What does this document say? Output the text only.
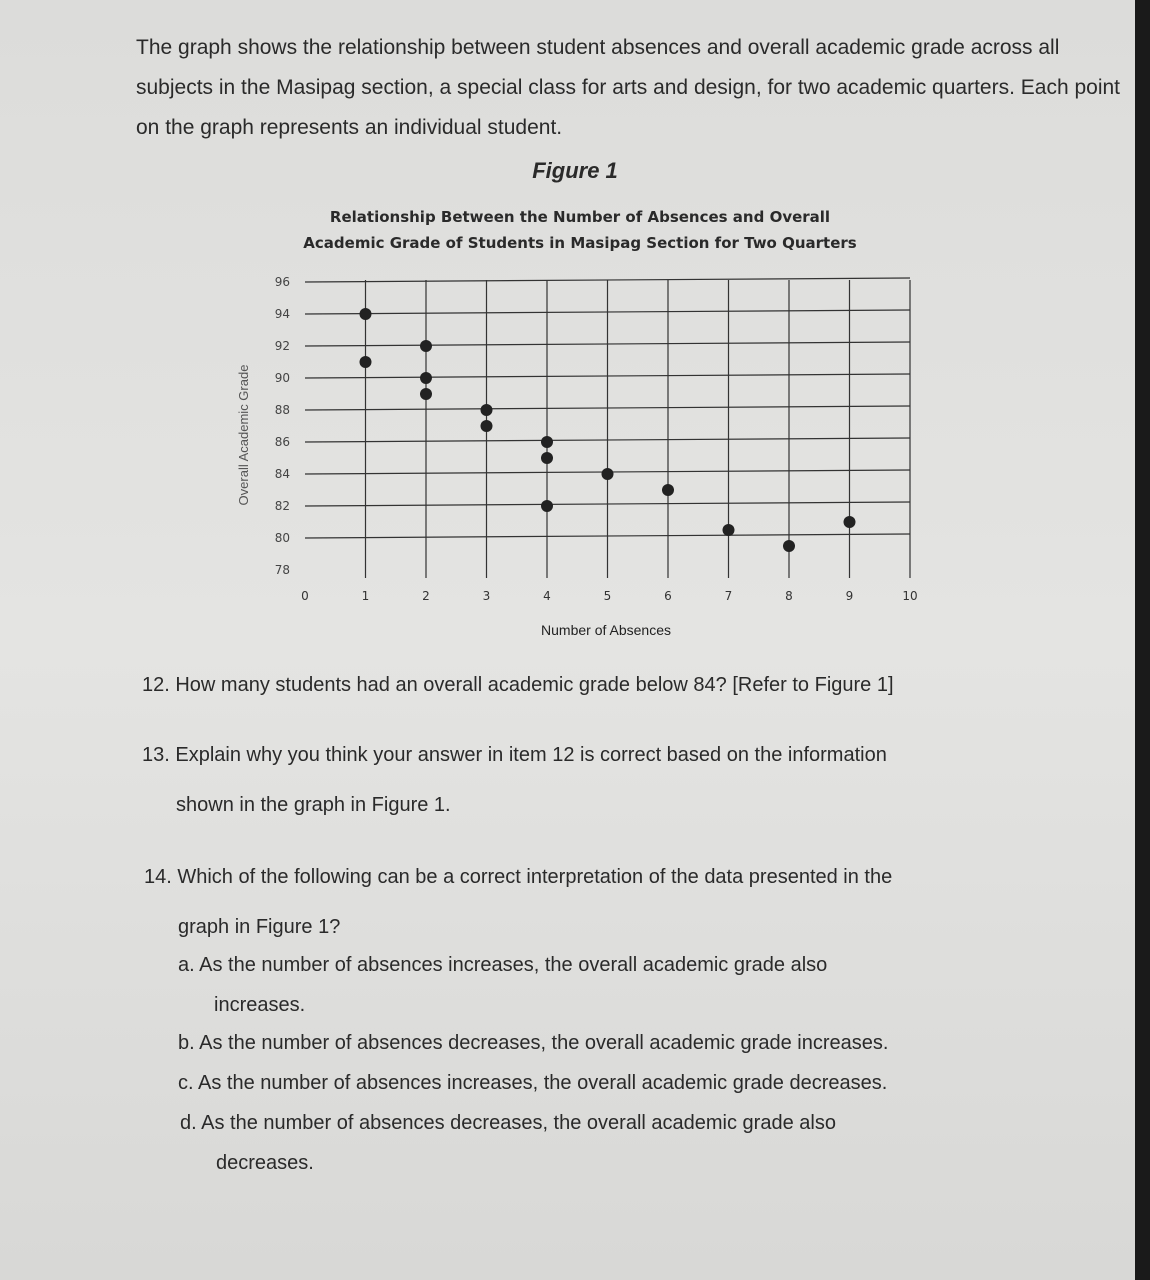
The graph shows the relationship between student absences and overall academic grade across all subjects in the Masipag section, a special class for arts and design, for two academic quarters. Each point on the graph represents an individual student.
Figure 1
Relationship Between the Number of Absences and Overall
Academic Grade of Students in Masipag Section for Two Quarters
78
80
82
84
86
88
90
92
94
96
0	1	2	3	4	5	6	7	8	9	10
Number of Absences
Overall Academic Grade
12. How many students had an overall academic grade below 84? [Refer to Figure 1]
13. Explain why you think your answer in item 12 is correct based on the information
shown in the graph in Figure 1.
14. Which of the following can be a correct interpretation of the data presented in the
graph in Figure 1?
a. As the number of absences increases, the overall academic grade also
increases.
b. As the number of absences decreases, the overall academic grade increases.
c. As the number of absences increases, the overall academic grade decreases.
d. As the number of absences decreases, the overall academic grade also
decreases.
